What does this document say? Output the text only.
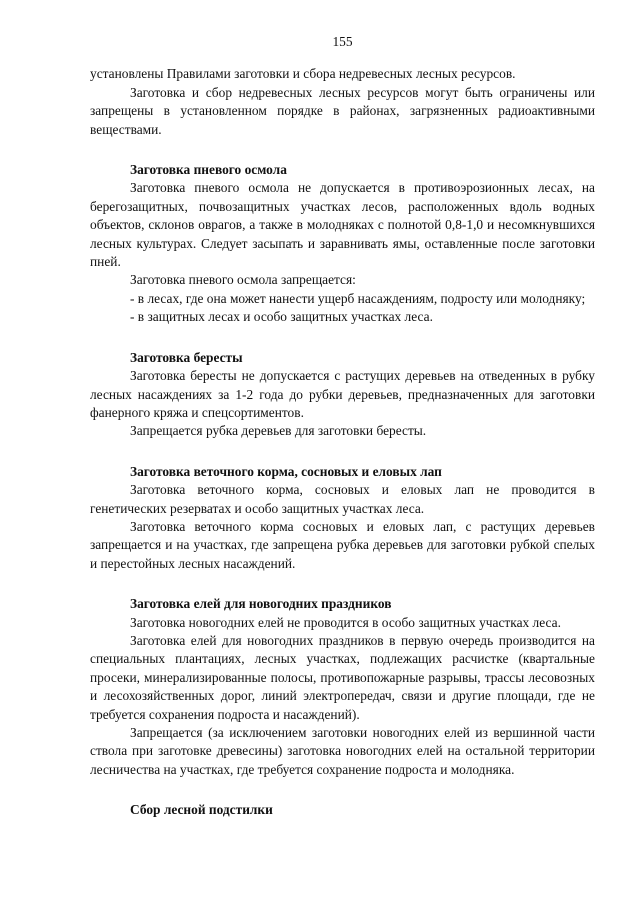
155

установлены Правилами заготовки и сбора недревесных лесных ресурсов.

Заготовка и сбор недревесных лесных ресурсов могут быть ограничены или запрещены в установленном порядке в районах, загрязненных радиоактивными веществами.

Заготовка пневого осмола

Заготовка пневого осмола не допускается в противоэрозионных лесах, на берегозащитных, почвозащитных участках лесов, расположенных вдоль водных объектов, склонов оврагов, а также в молодняках с полнотой 0,8-1,0 и несомкнувшихся лесных культурах. Следует засыпать и заравнивать ямы, оставленные после заготовки пней.

Заготовка пневого осмола запрещается:

- в лесах, где она может нанести ущерб насаждениям, подросту или молодняку;

- в защитных лесах и особо защитных участках леса.

Заготовка бересты

Заготовка бересты не допускается с растущих деревьев на отведенных в рубку лесных насаждениях за 1-2 года до рубки деревьев, предназначенных для заготовки фанерного кряжа и спецсортиментов.

Запрещается рубка деревьев для заготовки бересты.

Заготовка веточного корма, сосновых и еловых лап

Заготовка веточного корма, сосновых и еловых лап не проводится в генетических резерватах и особо защитных участках леса.

Заготовка веточного корма сосновых и еловых лап, с растущих деревьев запрещается и на участках, где запрещена рубка деревьев для заготовки рубкой спелых и перестойных лесных насаждений.

Заготовка елей для новогодних праздников

Заготовка новогодних елей не проводится в особо защитных участках леса.

Заготовка елей для новогодних праздников в первую очередь производится на специальных плантациях, лесных участках, подлежащих расчистке (квартальные просеки, минерализированные полосы, противопожарные разрывы, трассы лесовозных и лесохозяйственных дорог, линий электропередач, связи и другие площади, где не требуется сохранения подроста и насаждений).

Запрещается (за исключением заготовки новогодних елей из вершинной части ствола при заготовке древесины) заготовка новогодних елей на остальной территории лесничества на участках, где требуется сохранение подроста и молодняка.

Сбор лесной подстилки
